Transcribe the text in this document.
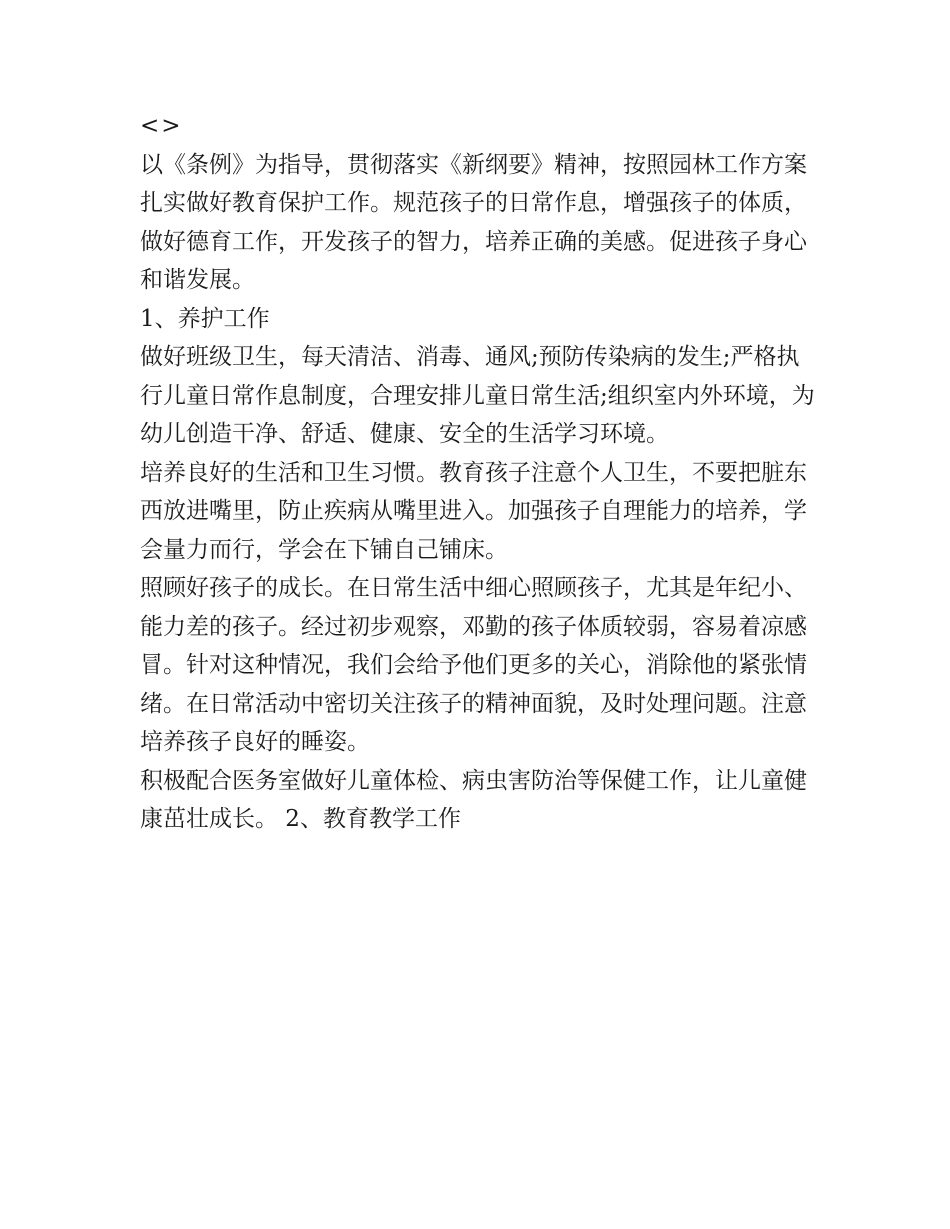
<>

以《条例》为指导，贯彻落实《新纲要》精神，按照园林工作方案扎实做好教育保护工作。规范孩子的日常作息，增强孩子的体质，做好德育工作，开发孩子的智力，培养正确的美感。促进孩子身心和谐发展。

1、养护工作

做好班级卫生，每天清洁、消毒、通风;预防传染病的发生;严格执行儿童日常作息制度，合理安排儿童日常生活;组织室内外环境，为幼儿创造干净、舒适、健康、安全的生活学习环境。

培养良好的生活和卫生习惯。教育孩子注意个人卫生，不要把脏东西放进嘴里，防止疾病从嘴里进入。加强孩子自理能力的培养，学会量力而行，学会在下铺自己铺床。

照顾好孩子的成长。在日常生活中细心照顾孩子，尤其是年纪小、能力差的孩子。经过初步观察，邓勤的孩子体质较弱，容易着凉感冒。针对这种情况，我们会给予他们更多的关心，消除他的紧张情绪。在日常活动中密切关注孩子的精神面貌，及时处理问题。注意培养孩子良好的睡姿。

积极配合医务室做好儿童体检、病虫害防治等保健工作，让儿童健康茁壮成长。 2、教育教学工作
